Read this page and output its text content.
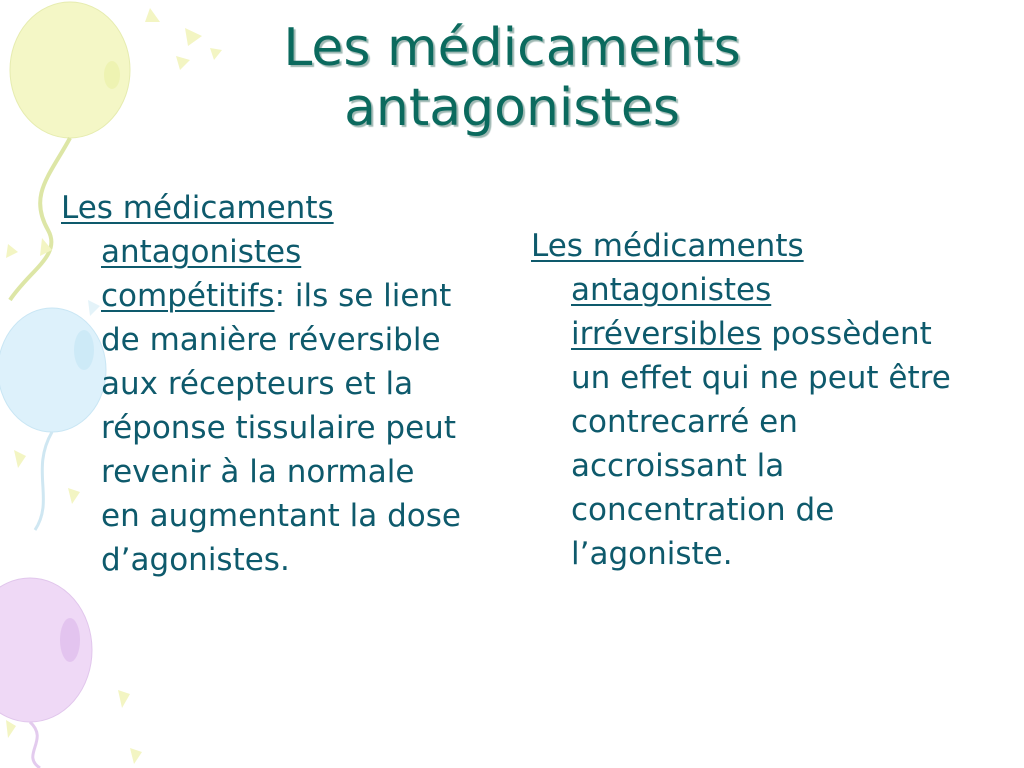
Les médicaments antagonistes

Les médicaments antagonistes compétitifs: ils se lient de manière réversible aux récepteurs et la réponse tissulaire peut revenir à la normale en augmentant la dose d’agonistes.

Les médicaments antagonistes irréversibles possèdent un effet qui ne peut être contrecarré en accroissant la concentration de l’agoniste.
